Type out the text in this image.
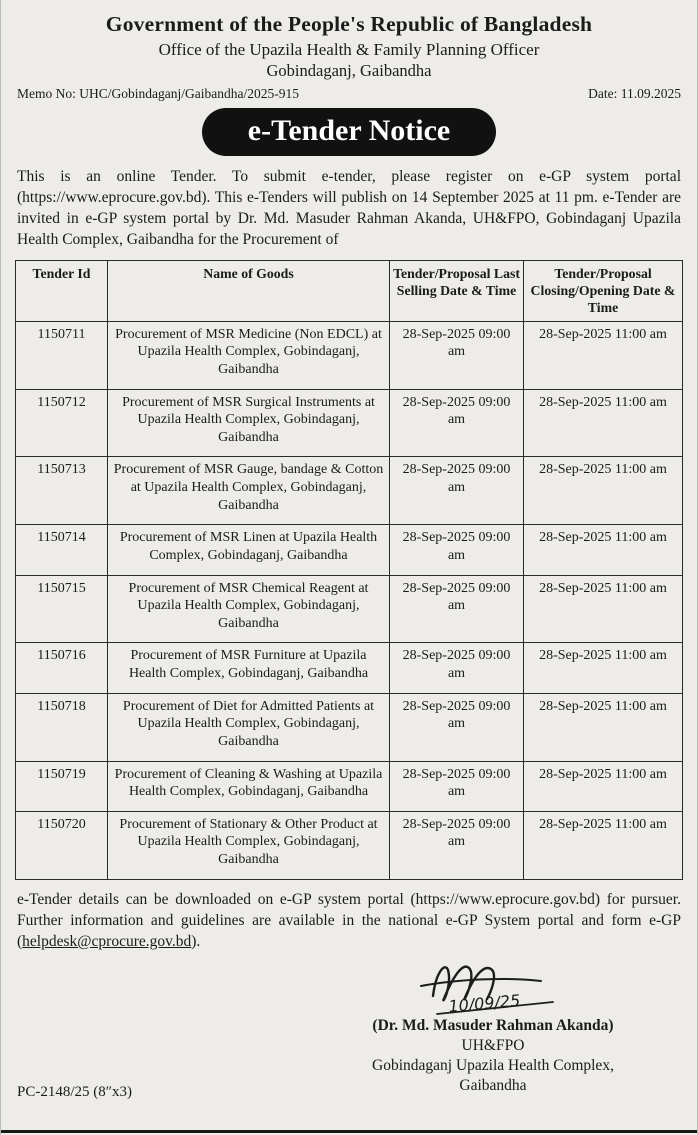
Government of the People's Republic of Bangladesh
Office of the Upazila Health & Family Planning Officer
Gobindaganj, Gaibandha
Memo No: UHC/Gobindaganj/Gaibandha/2025-915	Date: 11.09.2025
e-Tender Notice

This is an online Tender. To submit e-tender, please register on e-GP system portal (https://www.eprocure.gov.bd). This e-Tenders will publish on 14 September 2025 at 11 pm. e-Tender are invited in e-GP system portal by Dr. Md. Masuder Rahman Akanda, UH&FPO, Gobindaganj Upazila Health Complex, Gaibandha for the Procurement of

Tender Id	Name of Goods	Tender/Proposal Last Selling Date & Time	Tender/Proposal Closing/Opening Date & Time
1150711	Procurement of MSR Medicine (Non EDCL) at Upazila Health Complex, Gobindaganj, Gaibandha	28-Sep-2025 09:00 am	28-Sep-2025 11:00 am
1150712	Procurement of MSR Surgical Instruments at Upazila Health Complex, Gobindaganj, Gaibandha	28-Sep-2025 09:00 am	28-Sep-2025 11:00 am
1150713	Procurement of MSR Gauge, bandage & Cotton at Upazila Health Complex, Gobindaganj, Gaibandha	28-Sep-2025 09:00 am	28-Sep-2025 11:00 am
1150714	Procurement of MSR Linen at Upazila Health Complex, Gobindaganj, Gaibandha	28-Sep-2025 09:00 am	28-Sep-2025 11:00 am
1150715	Procurement of MSR Chemical Reagent at Upazila Health Complex, Gobindaganj, Gaibandha	28-Sep-2025 09:00 am	28-Sep-2025 11:00 am
1150716	Procurement of MSR Furniture at Upazila Health Complex, Gobindaganj, Gaibandha	28-Sep-2025 09:00 am	28-Sep-2025 11:00 am
1150718	Procurement of Diet for Admitted Patients at Upazila Health Complex, Gobindaganj, Gaibandha	28-Sep-2025 09:00 am	28-Sep-2025 11:00 am
1150719	Procurement of Cleaning & Washing at Upazila Health Complex, Gobindaganj, Gaibandha	28-Sep-2025 09:00 am	28-Sep-2025 11:00 am
1150720	Procurement of Stationary & Other Product at Upazila Health Complex, Gobindaganj, Gaibandha	28-Sep-2025 09:00 am	28-Sep-2025 11:00 am

e-Tender details can be downloaded on e-GP system portal (https://www.eprocure.gov.bd) for pursuer. Further information and guidelines are available in the national e-GP System portal and form e-GP (helpdesk@cprocure.gov.bd).

10/09/25
(Dr. Md. Masuder Rahman Akanda)
UH&FPO
Gobindaganj Upazila Health Complex,
Gaibandha
PC-2148/25 (8″x3)
